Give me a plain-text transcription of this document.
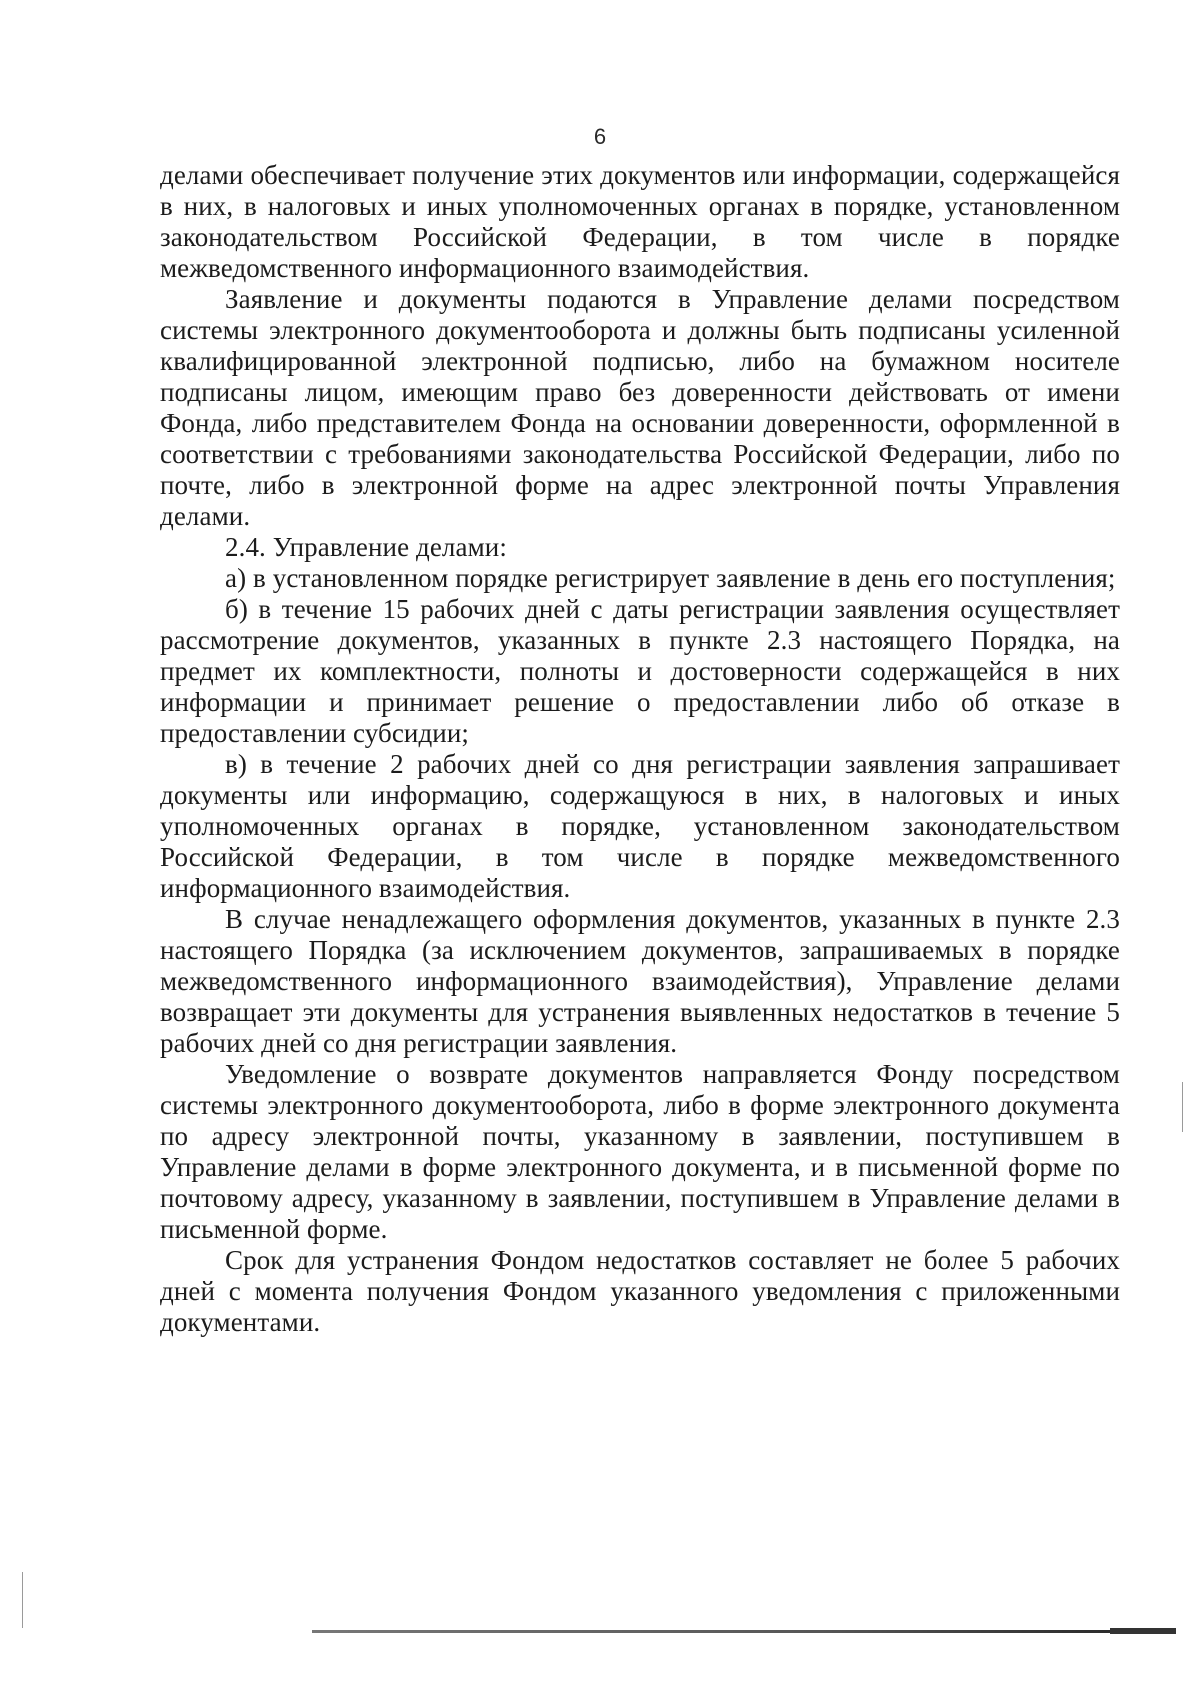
6

делами обеспечивает получение этих документов или информации, содержащейся в них, в налоговых и иных уполномоченных органах в порядке, установленном законодательством Российской Федерации, в том числе в порядке межведомственного информационного взаимодействия.

Заявление и документы подаются в Управление делами посредством системы электронного документооборота и должны быть подписаны усиленной квалифицированной электронной подписью, либо на бумажном носителе подписаны лицом, имеющим право без доверенности действовать от имени Фонда, либо представителем Фонда на основании доверенности, оформленной в соответствии с требованиями законодательства Российской Федерации, либо по почте, либо в электронной форме на адрес электронной почты Управления делами.

2.4. Управление делами:

а) в установленном порядке регистрирует заявление в день его поступления;

б) в течение 15 рабочих дней с даты регистрации заявления осуществляет рассмотрение документов, указанных в пункте 2.3 настоящего Порядка, на предмет их комплектности, полноты и достоверности содержащейся в них информации и принимает решение о предоставлении либо об отказе в предоставлении субсидии;

в) в течение 2 рабочих дней со дня регистрации заявления запрашивает документы или информацию, содержащуюся в них, в налоговых и иных уполномоченных органах в порядке, установленном законодательством Российской Федерации, в том числе в порядке межведомственного информационного взаимодействия.

В случае ненадлежащего оформления документов, указанных в пункте 2.3 настоящего Порядка (за исключением документов, запрашиваемых в порядке межведомственного информационного взаимодействия), Управление делами возвращает эти документы для устранения выявленных недостатков в течение 5 рабочих дней со дня регистрации заявления.

Уведомление о возврате документов направляется Фонду посредством системы электронного документооборота, либо в форме электронного документа по адресу электронной почты, указанному в заявлении, поступившем в Управление делами в форме электронного документа, и в письменной форме по почтовому адресу, указанному в заявлении, поступившем в Управление делами в письменной форме.

Срок для устранения Фондом недостатков составляет не более 5 рабочих дней с момента получения Фондом указанного уведомления с приложенными документами.
